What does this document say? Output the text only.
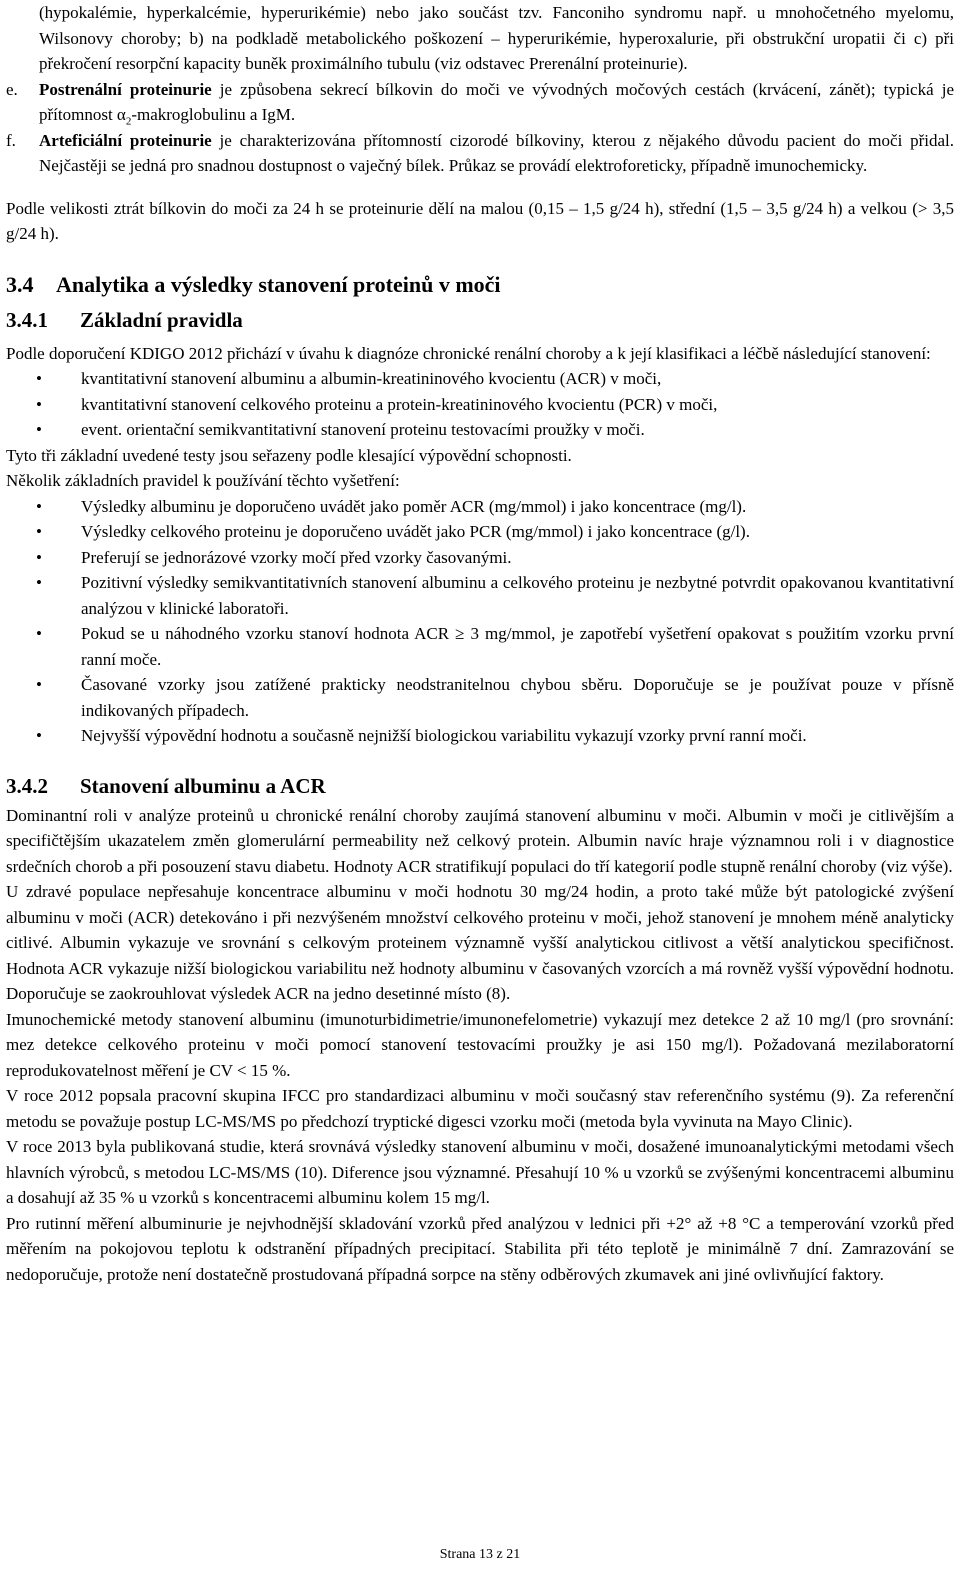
(hypokalémie, hyperkalcémie, hyperurikémie) nebo jako součást tzv. Fanconiho syndromu např. u mnohočetného myelomu, Wilsonovy choroby; b) na podkladě metabolického poškození – hyperurikémie, hyperoxalurie, při obstrukční uropatii či c) při překročení resorpční kapacity buněk proximálního tubulu (viz odstavec Prerenální proteinurie).

e. Postrenální proteinurie je způsobena sekrecí bílkovin do moči ve vývodných močových cestách (krvácení, zánět); typická je přítomnost $\alpha_2$-makroglobulinu a IgM.

f. Arteficiální proteinurie je charakterizována přítomností cizorodé bílkoviny, kterou z nějakého důvodu pacient do moči přidal. Nejčastěji se jedná pro snadnou dostupnost o vaječný bílek. Průkaz se provádí elektroforeticky, případně imunochemicky.

Podle velikosti ztrát bílkovin do moči za 24 h se proteinurie dělí na malou (0,15 – 1,5 g/24 h), střední (1,5 – 3,5 g/24 h) a velkou (> 3,5 g/24 h).

3.4 Analytika a výsledky stanovení proteinů v moči
3.4.1 Základní pravidla

Podle doporučení KDIGO 2012 přichází v úvahu k diagnóze chronické renální choroby a k její klasifikaci a léčbě následující stanovení:

• kvantitativní stanovení albuminu a albumin-kreatininového kvocientu (ACR) v moči,
• kvantitativní stanovení celkového proteinu a protein-kreatininového kvocientu (PCR) v moči,
• event. orientační semikvantitativní stanovení proteinu testovacími proužky v moči.

Tyto tři základní uvedené testy jsou seřazeny podle klesající výpovědní schopnosti.

Několik základních pravidel k používání těchto vyšetření:

• Výsledky albuminu je doporučeno uvádět jako poměr ACR (mg/mmol) i jako koncentrace (mg/l).
• Výsledky celkového proteinu je doporučeno uvádět jako PCR (mg/mmol) i jako koncentrace (g/l).
• Preferují se jednorázové vzorky močí před vzorky časovanými.
• Pozitivní výsledky semikvantitativních stanovení albuminu a celkového proteinu je nezbytné potvrdit opakovanou kvantitativní analýzou v klinické laboratoři.
• Pokud se u náhodného vzorku stanoví hodnota ACR ≥ 3 mg/mmol, je zapotřebí vyšetření opakovat s použitím vzorku první ranní moče.
• Časované vzorky jsou zatížené prakticky neodstranitelnou chybou sběru. Doporučuje se je používat pouze v přísně indikovaných případech.
• Nejvyšší výpovědní hodnotu a současně nejnižší biologickou variabilitu vykazují vzorky první ranní moči.
3.4.2 Stanovení albuminu a ACR

Dominantní roli v analýze proteinů u chronické renální choroby zaujímá stanovení albuminu v moči. Albumin v moči je citlivějším a specifičtějším ukazatelem změn glomerulární permeability než celkový protein. Albumin navíc hraje významnou roli i v diagnostice srdečních chorob a při posouzení stavu diabetu. Hodnoty ACR stratifikují populaci do tří kategorií podle stupně renální choroby (viz výše).

U zdravé populace nepřesahuje koncentrace albuminu v moči hodnotu 30 mg/24 hodin, a proto také může být patologické zvýšení albuminu v moči (ACR) detekováno i při nezvýšeném množství celkového proteinu v moči, jehož stanovení je mnohem méně analyticky citlivé. Albumin vykazuje ve srovnání s celkovým proteinem významně vyšší analytickou citlivost a větší analytickou specifičnost. Hodnota ACR vykazuje nižší biologickou variabilitu než hodnoty albuminu v časovaných vzorcích a má rovněž vyšší výpovědní hodnotu. Doporučuje se zaokrouhlovat výsledek ACR na jedno desetinné místo (8).

Imunochemické metody stanovení albuminu (imunoturbidimetrie/imunonefelometrie) vykazují mez detekce 2 až 10 mg/l (pro srovnání: mez detekce celkového proteinu v moči pomocí stanovení testovacími proužky je asi 150 mg/l). Požadovaná mezilaboratorní reprodukovatelnost měření je CV < 15 %.

V roce 2012 popsala pracovní skupina IFCC pro standardizaci albuminu v moči současný stav referenčního systému (9). Za referenční metodu se považuje postup LC-MS/MS po předchozí tryptické digesci vzorku moči (metoda byla vyvinuta na Mayo Clinic).

V roce 2013 byla publikovaná studie, která srovnává výsledky stanovení albuminu v moči, dosažené imunoanalytickými metodami všech hlavních výrobců, s metodou LC-MS/MS (10). Diference jsou významné. Přesahují 10 % u vzorků se zvýšenými koncentracemi albuminu a dosahují až 35 % u vzorků s koncentracemi albuminu kolem 15 mg/l.

Pro rutinní měření albuminurie je nejvhodnější skladování vzorků před analýzou v lednici při +2° až +8 °C a temperování vzorků před měřením na pokojovou teplotu k odstranění případných precipitací. Stabilita při této teplotě je minimálně 7 dní. Zamrazování se nedoporučuje, protože není dostatečně prostudovaná případná sorpce na stěny odběrových zkumavek ani jiné ovlivňující faktory.

Strana 13 z 21
